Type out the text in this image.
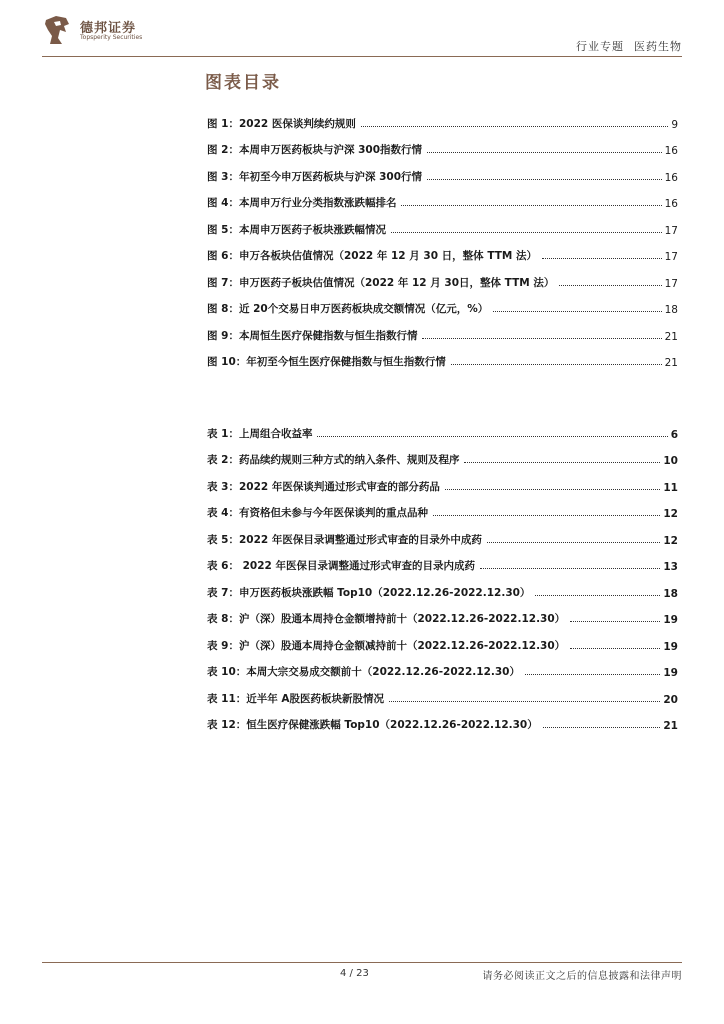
德邦证券
Topsperity Securities
行业专题 医药生物
图表目录
图 1：2022 医保谈判续约规则	9
图 2：本周申万医药板块与沪深 300指数行情	16
图 3：年初至今申万医药板块与沪深 300行情	16
图 4：本周申万行业分类指数涨跌幅排名	16
图 5：本周申万医药子板块涨跌幅情况	17
图 6：申万各板块估值情况（2022 年 12 月 30 日，整体 TTM 法）	17
图 7：申万医药子板块估值情况（2022 年 12 月 30日，整体 TTM 法）	17
图 8：近 20个交易日申万医药板块成交额情况（亿元，%）	18
图 9：本周恒生医疗保健指数与恒生指数行情	21
图 10：年初至今恒生医疗保健指数与恒生指数行情	21
表 1：上周组合收益率	6
表 2：药品续约规则三种方式的纳入条件、规则及程序	10
表 3：2022 年医保谈判通过形式审查的部分药品	11
表 4：有资格但未参与今年医保谈判的重点品种	12
表 5：2022 年医保目录调整通过形式审查的目录外中成药	12
表 6： 2022 年医保目录调整通过形式审查的目录内成药	13
表 7：申万医药板块涨跌幅 Top10（2022.12.26-2022.12.30）	18
表 8：沪（深）股通本周持仓金额增持前十（2022.12.26-2022.12.30）	19
表 9：沪（深）股通本周持仓金额减持前十（2022.12.26-2022.12.30）	19
表 10：本周大宗交易成交额前十（2022.12.26-2022.12.30）	19
表 11：近半年 A股医药板块新股情况	20
表 12：恒生医疗保健涨跌幅 Top10（2022.12.26-2022.12.30）	21
4 / 23	请务必阅读正文之后的信息披露和法律声明
